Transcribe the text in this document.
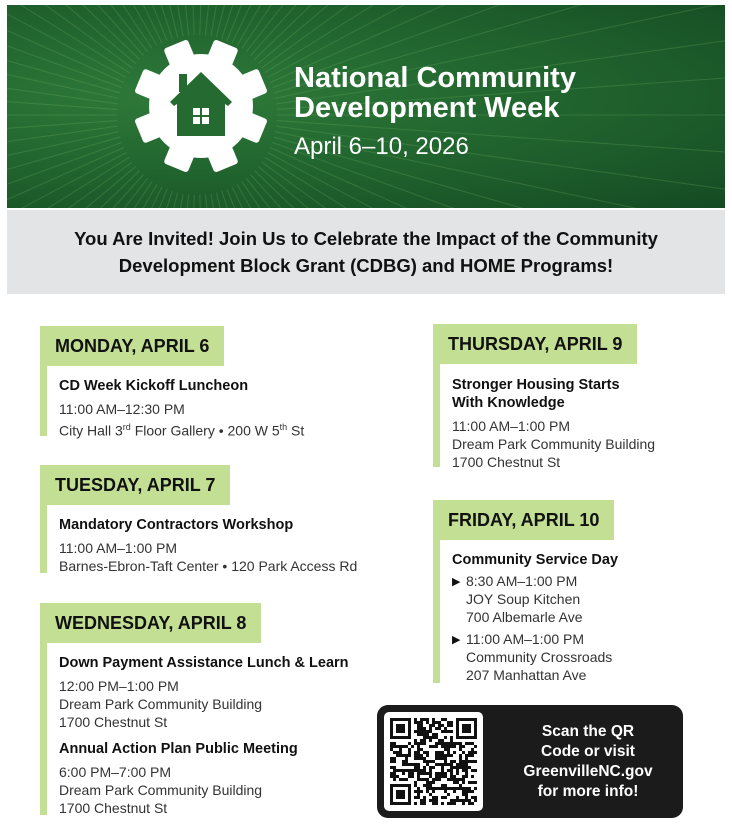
National Community
Development Week
April 6–10, 2026
You Are Invited! Join Us to Celebrate the Impact of the Community
Development Block Grant (CDBG) and HOME Programs!
MONDAY, APRIL 6
CD Week Kickoff Luncheon
11:00 AM–12:30 PM
City Hall 3rd Floor Gallery • 200 W 5th St
TUESDAY, APRIL 7
Mandatory Contractors Workshop
11:00 AM–1:00 PM
Barnes-Ebron-Taft Center • 120 Park Access Rd
WEDNESDAY, APRIL 8
Down Payment Assistance Lunch & Learn
12:00 PM–1:00 PM
Dream Park Community Building
1700 Chestnut St
Annual Action Plan Public Meeting
6:00 PM–7:00 PM
Dream Park Community Building
1700 Chestnut St
THURSDAY, APRIL 9
Stronger Housing Starts
With Knowledge
11:00 AM–1:00 PM
Dream Park Community Building
1700 Chestnut St
FRIDAY, APRIL 10
Community Service Day
▶ 8:30 AM–1:00 PM
JOY Soup Kitchen
700 Albemarle Ave
▶ 11:00 AM–1:00 PM
Community Crossroads
207 Manhattan Ave
Scan the QR
Code or visit
GreenvilleNC.gov
for more info!
